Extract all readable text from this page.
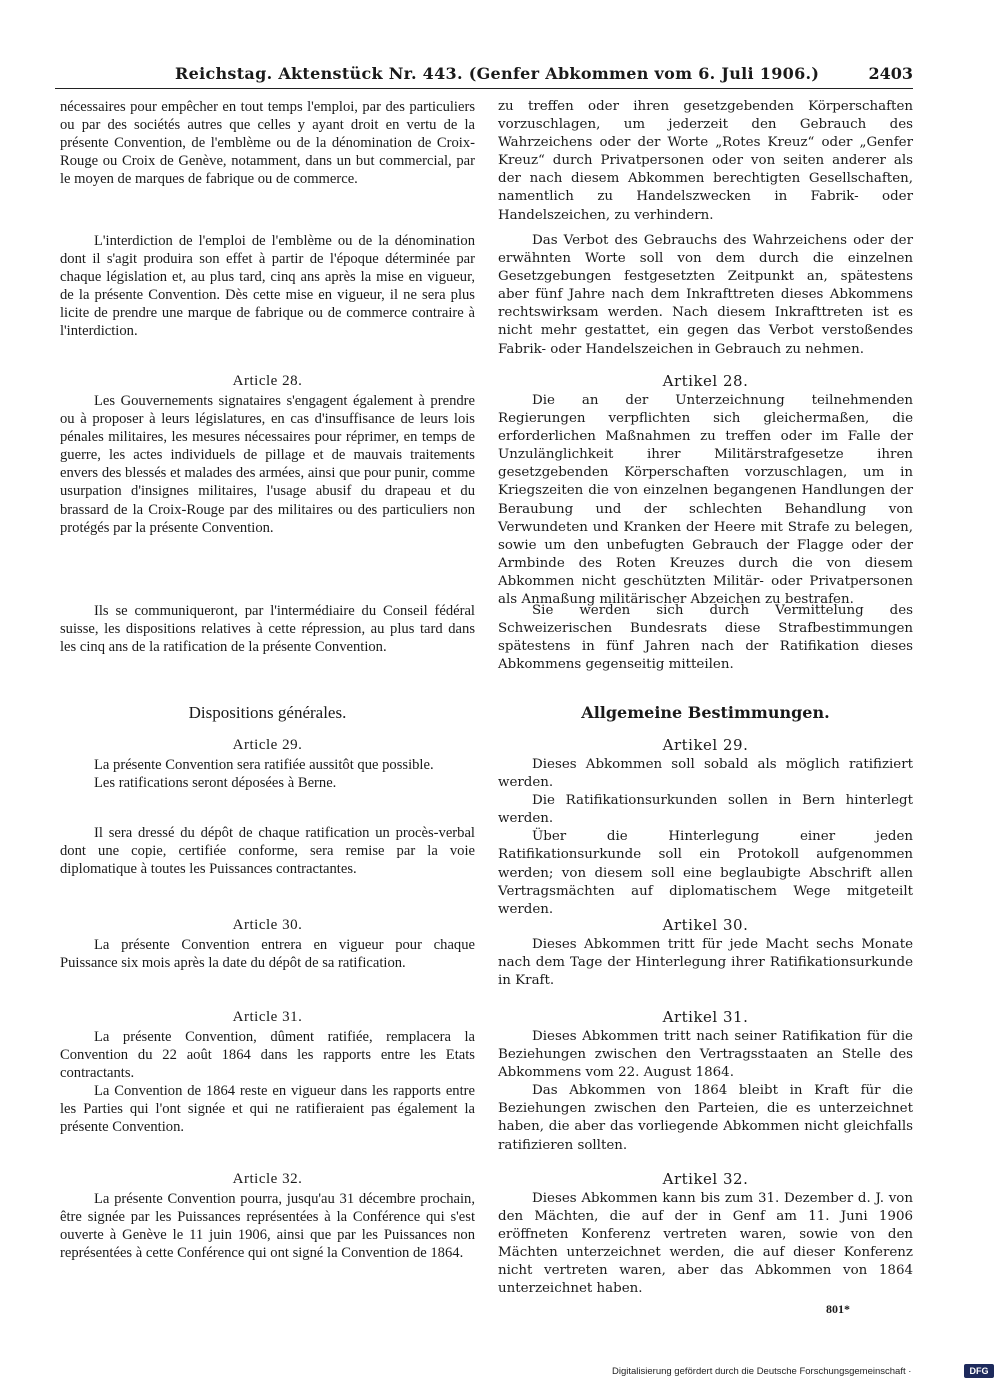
Reichstag. Aktenstück Nr. 443. (Genfer Abkommen vom 6. Juli 1906.)	2403

nécessaires pour empêcher en tout temps l'emploi, par des particuliers ou par des sociétés autres que celles y ayant droit en vertu de la présente Convention, de l'emblème ou de la dénomination de Croix-Rouge ou Croix de Genève, notamment, dans un but commercial, par le moyen de marques de fabrique ou de commerce.

L'interdiction de l'emploi de l'emblème ou de la dénomination dont il s'agit produira son effet à partir de l'époque déterminée par chaque législation et, au plus tard, cinq ans après la mise en vigueur, de la présente Convention. Dès cette mise en vigueur, il ne sera plus licite de prendre une marque de fabrique ou de commerce contraire à l'interdiction.

Article 28.

Les Gouvernements signataires s'engagent également à prendre ou à proposer à leurs législatures, en cas d'insuffisance de leurs lois pénales militaires, les mesures nécessaires pour réprimer, en temps de guerre, les actes individuels de pillage et de mauvais traitements envers des blessés et malades des armées, ainsi que pour punir, comme usurpation d'insignes militaires, l'usage abusif du drapeau et du brassard de la Croix-Rouge par des militaires ou des particuliers non protégés par la présente Convention.

Ils se communiqueront, par l'intermédiaire du Conseil fédéral suisse, les dispositions relatives à cette répression, au plus tard dans les cinq ans de la ratification de la présente Convention.

Dispositions générales.
Article 29.

La présente Convention sera ratifiée aussitôt que possible.

Les ratifications seront déposées à Berne.

Il sera dressé du dépôt de chaque ratification un procès-verbal dont une copie, certifiée conforme, sera remise par la voie diplomatique à toutes les Puissances contractantes.

Article 30.

La présente Convention entrera en vigueur pour chaque Puissance six mois après la date du dépôt de sa ratification.

Article 31.

La présente Convention, dûment ratifiée, remplacera la Convention du 22 août 1864 dans les rapports entre les Etats contractants.

La Convention de 1864 reste en vigueur dans les rapports entre les Parties qui l'ont signée et qui ne ratifieraient pas également la présente Convention.

Article 32.

La présente Convention pourra, jusqu'au 31 décembre prochain, être signée par les Puissances représentées à la Conférence qui s'est ouverte à Genève le 11 juin 1906, ainsi que par les Puissances non représentées à cette Conférence qui ont signé la Convention de 1864.

zu treffen oder ihren gesetzgebenden Körperschaften vorzuschlagen, um jederzeit den Gebrauch des Wahrzeichens oder der Worte „Rotes Kreuz“ oder „Genfer Kreuz“ durch Privatpersonen oder von seiten anderer als der nach diesem Abkommen berechtigten Gesellschaften, namentlich zu Handelszwecken in Fabrik- oder Handelszeichen, zu verhindern.

Das Verbot des Gebrauchs des Wahrzeichens oder der erwähnten Worte soll von dem durch die einzelnen Gesetzgebungen festgesetzten Zeitpunkt an, spätestens aber fünf Jahre nach dem Inkrafttreten dieses Abkommens rechtswirksam werden. Nach diesem Inkrafttreten ist es nicht mehr gestattet, ein gegen das Verbot verstoßendes Fabrik- oder Handelszeichen in Gebrauch zu nehmen.

Artikel 28.

Die an der Unterzeichnung teilnehmenden Regierungen verpflichten sich gleichermaßen, die erforderlichen Maßnahmen zu treffen oder im Falle der Unzulänglichkeit ihrer Militärstrafgesetze ihren gesetzgebenden Körperschaften vorzuschlagen, um in Kriegszeiten die von einzelnen begangenen Handlungen der Beraubung und der schlechten Behandlung von Verwundeten und Kranken der Heere mit Strafe zu belegen, sowie um den unbefugten Gebrauch der Flagge oder der Armbinde des Roten Kreuzes durch die von diesem Abkommen nicht geschützten Militär- oder Privatpersonen als Anmaßung militärischer Abzeichen zu bestrafen.

Sie werden sich durch Vermittelung des Schweizerischen Bundesrats diese Strafbestimmungen spätestens in fünf Jahren nach der Ratifikation dieses Abkommens gegenseitig mitteilen.

Allgemeine Bestimmungen.
Artikel 29.

Dieses Abkommen soll sobald als möglich ratifiziert werden.

Die Ratifikationsurkunden sollen in Bern hinterlegt werden.

Über die Hinterlegung einer jeden Ratifikationsurkunde soll ein Protokoll aufgenommen werden; von diesem soll eine beglaubigte Abschrift allen Vertragsmächten auf diplomatischem Wege mitgeteilt werden.

Artikel 30.

Dieses Abkommen tritt für jede Macht sechs Monate nach dem Tage der Hinterlegung ihrer Ratifikationsurkunde in Kraft.

Artikel 31.

Dieses Abkommen tritt nach seiner Ratifikation für die Beziehungen zwischen den Vertragsstaaten an Stelle des Abkommens vom 22. August 1864.

Das Abkommen von 1864 bleibt in Kraft für die Beziehungen zwischen den Parteien, die es unterzeichnet haben, die aber das vorliegende Abkommen nicht gleichfalls ratifizieren sollten.

Artikel 32.

Dieses Abkommen kann bis zum 31. Dezember d. J. von den Mächten, die auf der in Genf am 11. Juni 1906 eröffneten Konferenz vertreten waren, sowie von den Mächten unterzeichnet werden, die auf dieser Konferenz nicht vertreten waren, aber das Abkommen von 1864 unterzeichnet haben.

801*
Digitalisierung gefördert durch die Deutsche Forschungsgemeinschaft ·	DFG
